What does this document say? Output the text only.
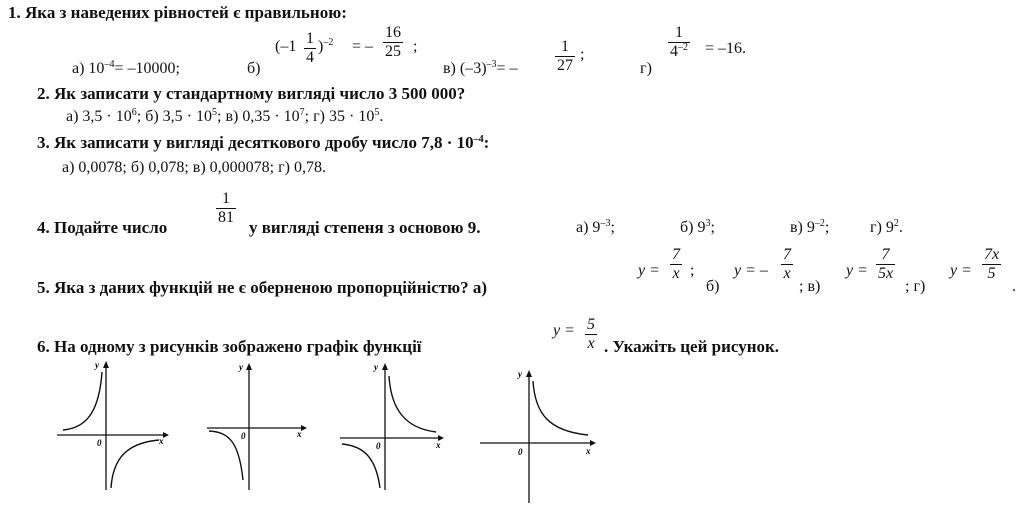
1. Яка з наведених рівностей є правильною:
а) $10^{-4}= -10000$;	б)
$(-1 \frac{1}{4} )^{-2}$ = – $\frac{16}{25}$ ;
в) $(-3)^{-3}= - \frac{1}{27}$ ;
г)
$\frac{1}{4^{-2}} = -16$.
2. Як записати у стандартному вигляді число 3 500 000?
а) $3,5 \cdot 10^6$; б) $3,5 \cdot 10^5$; в) $0,35 \cdot 10^7$; г) $35 \cdot 10^5$.
3. Як записати у вигляді десяткового дробу число $7,8 \cdot 10^{-4}$:
а) 0,0078; б) 0,078; в) 0,000078; г) 0,78.
4. Подайте число
$\frac{1}{81}$
у вигляді степеня з основою 9.	а) $9^{-3}$;	б) $9^3$;	в) $9^{-2}$;	г) $9^2$.
5. Яка з даних функцій не є оберненою пропорційністю? а)
$y = \frac{7}{x}$ ;
б)
y = – $\frac{7}{x}$
; в)
$y = \frac{7}{5x}$
; г)
$y = \frac{7x}{5}$
.
6. На одному з рисунків зображено графік функції
$y = \frac{5}{x}$ . Укажіть цей рисунок.
y
0	x
y
0	x
y
0	x
y
0	x
